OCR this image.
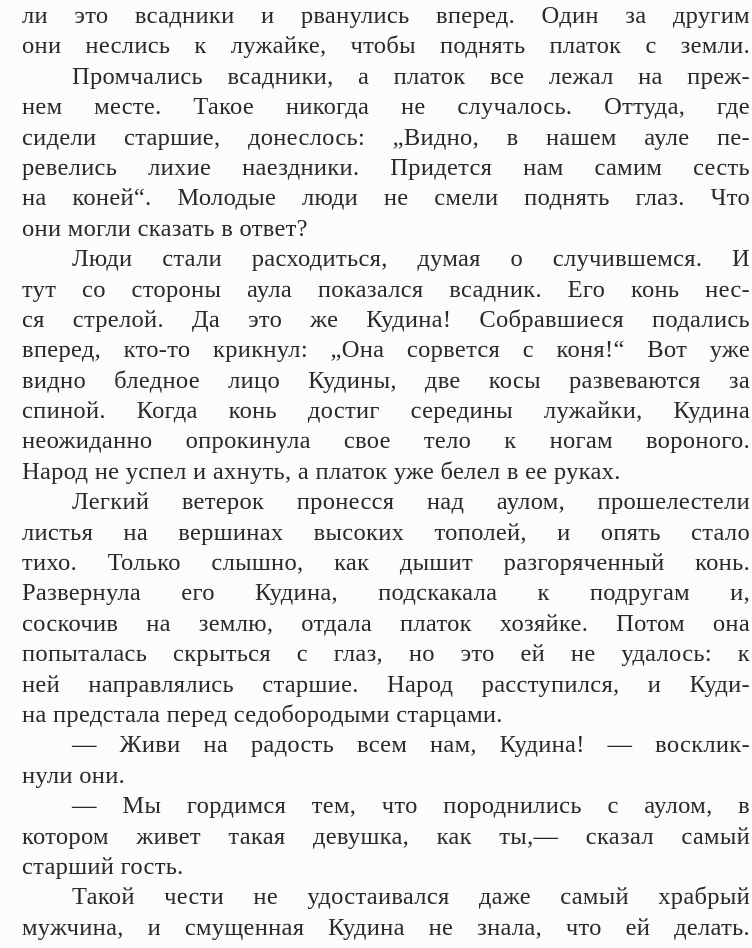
ли это всадники и рванулись вперед. Один за другим
они неслись к лужайке, чтобы поднять платок с земли.
Промчались всадники, а платок все лежал на преж-
нем месте. Такое никогда не случалось. Оттуда, где
сидели старшие, донеслось: „Видно, в нашем ауле пе-
ревелись лихие наездники. Придется нам самим сесть
на коней“. Молодые люди не смели поднять глаз. Что
они могли сказать в ответ?
Люди стали расходиться, думая о случившемся. И
тут со стороны аула показался всадник. Его конь нес-
ся стрелой. Да это же Кудина! Собравшиеся подались
вперед, кто-то крикнул: „Она сорвется с коня!“ Вот уже
видно бледное лицо Кудины, две косы развеваются за
спиной. Когда конь достиг середины лужайки, Кудина
неожиданно опрокинула свое тело к ногам вороного.
Народ не успел и ахнуть, а платок уже белел в ее руках.
Легкий ветерок пронесся над аулом, прошелестели
листья на вершинах высоких тополей, и опять стало
тихо. Только слышно, как дышит разгоряченный конь.
Развернула его Кудина, подскакала к подругам и,
соскочив на землю, отдала платок хозяйке. Потом она
попыталась скрыться с глаз, но это ей не удалось: к
ней направлялись старшие. Народ расступился, и Куди-
на предстала перед седобородыми старцами.
— Живи на радость всем нам, Кудина! — восклик-
нули они.
— Мы гордимся тем, что породнились с аулом, в
котором живет такая девушка, как ты,— сказал самый
старший гость.
Такой чести не удостаивался даже самый храбрый
мужчина, и смущенная Кудина не знала, что ей делать.
